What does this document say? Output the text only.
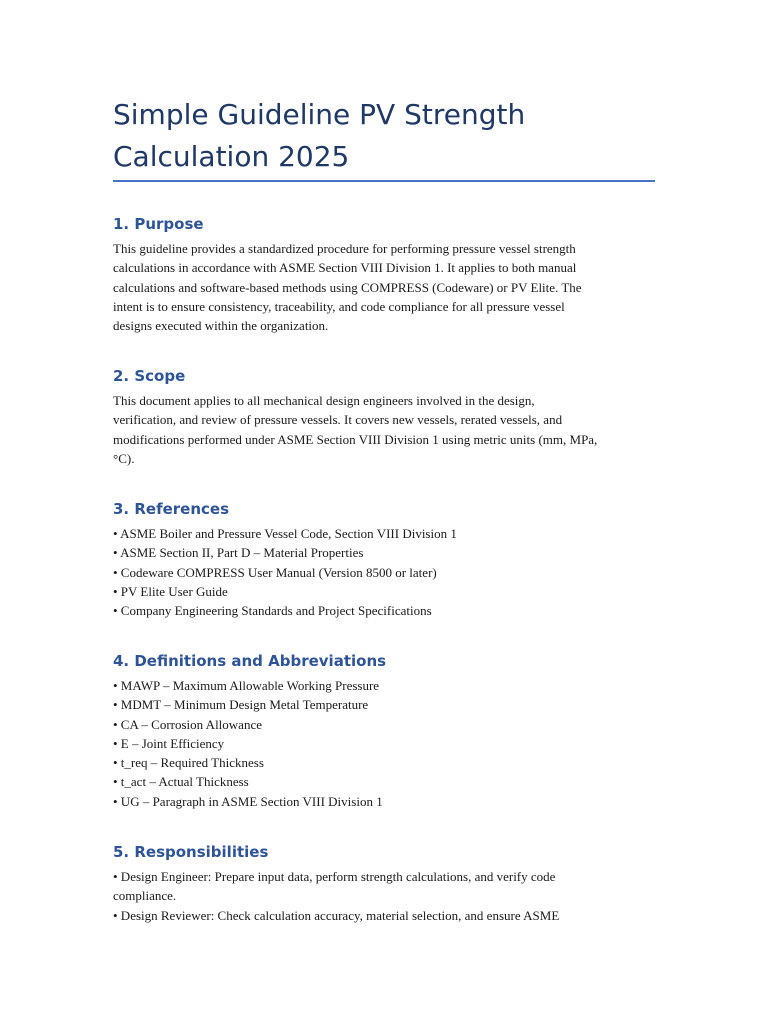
Simple Guideline PV Strength
Calculation 2025
1. Purpose
This guideline provides a standardized procedure for performing pressure vessel strength
calculations in accordance with ASME Section VIII Division 1. It applies to both manual
calculations and software-based methods using COMPRESS (Codeware) or PV Elite. The
intent is to ensure consistency, traceability, and code compliance for all pressure vessel
designs executed within the organization.
2. Scope
This document applies to all mechanical design engineers involved in the design,
verification, and review of pressure vessels. It covers new vessels, rerated vessels, and
modifications performed under ASME Section VIII Division 1 using metric units (mm, MPa,
°C).
3. References
• ASME Boiler and Pressure Vessel Code, Section VIII Division 1
• ASME Section II, Part D – Material Properties
• Codeware COMPRESS User Manual (Version 8500 or later)
• PV Elite User Guide
• Company Engineering Standards and Project Specifications
4. Definitions and Abbreviations
• MAWP – Maximum Allowable Working Pressure
• MDMT – Minimum Design Metal Temperature
• CA – Corrosion Allowance
• E – Joint Efficiency
• t_req – Required Thickness
• t_act – Actual Thickness
• UG – Paragraph in ASME Section VIII Division 1
5. Responsibilities
• Design Engineer: Prepare input data, perform strength calculations, and verify code
compliance.
• Design Reviewer: Check calculation accuracy, material selection, and ensure ASME
